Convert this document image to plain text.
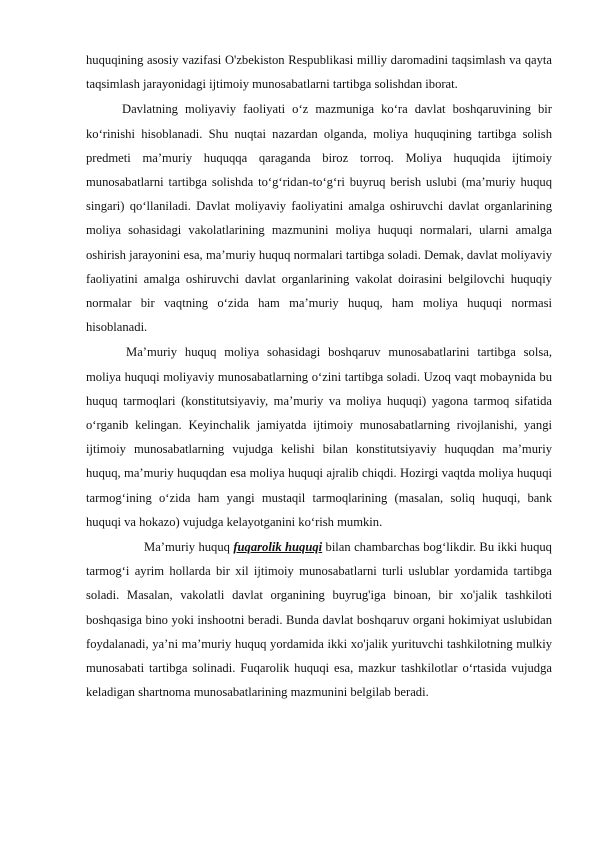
huquqining asosiy vazifasi O'zbekiston Respublikasi milliy daromadini taqsimlash va qayta taqsimlash jarayonidagi ijtimoiy munosabatlarni tartibga solishdan iborat.

Davlatning moliyaviy faoliyati o‘z mazmuniga ko‘ra davlat boshqaruvining bir ko‘rinishi hisoblanadi. Shu nuqtai nazardan olganda, moliya huquqining tartibga solish predmeti ma’muriy huquqqa qaraganda biroz torroq. Moliya huquqida ijtimoiy munosabatlarni tartibga solishda to‘g‘ridan-to‘g‘ri buyruq berish uslubi (ma’muriy huquq singari) qo‘llaniladi. Davlat moliyaviy faoliyatini amalga oshiruvchi davlat organlarining moliya sohasidagi vakolatlarining mazmunini moliya huquqi normalari, ularni amalga oshirish jarayonini esa, ma’muriy huquq normalari tartibga soladi. Demak, davlat moliyaviy faoliyatini amalga oshiruvchi davlat organlarining vakolat doirasini belgilovchi huquqiy normalar bir vaqtning o‘zida ham ma’muriy huquq, ham moliya huquqi normasi hisoblanadi.

Ma’muriy huquq moliya sohasidagi boshqaruv munosabatlarini tartibga solsa, moliya huquqi moliyaviy munosabatlarning o‘zini tartibga soladi. Uzoq vaqt mobaynida bu huquq tarmoqlari (konstitutsiyaviy, ma’muriy va moliya huquqi) yagona tarmoq sifatida o‘rganib kelingan. Keyinchalik jamiyatda ijtimoiy munosabatlarning rivojlanishi, yangi ijtimoiy munosabatlarning vujudga kelishi bilan konstitutsiyaviy huquqdan ma’muriy huquq, ma’muriy huquqdan esa moliya huquqi ajralib chiqdi. Hozirgi vaqtda moliya huquqi tarmog‘ining o‘zida ham yangi mustaqil tarmoqlarining (masalan, soliq huquqi, bank huquqi va hokazo) vujudga kelayotganini ko‘rish mumkin.

Ma’muriy huquq fuqarolik huquqi bilan chambarchas bog‘likdir. Bu ikki huquq tarmog‘i ayrim hollarda bir xil ijtimoiy munosabatlarni turli uslublar yordamida tartibga soladi. Masalan, vakolatli davlat organining buyrug'iga binoan, bir xo'jalik tashkiloti boshqasiga bino yoki inshootni beradi. Bunda davlat boshqaruv organi hokimiyat uslubidan foydalanadi, ya’ni ma’muriy huquq yordamida ikki xo'jalik yurituvchi tashkilotning mulkiy munosabati tartibga solinadi. Fuqarolik huquqi esa, mazkur tashkilotlar o‘rtasida vujudga keladigan shartnoma munosabatlarining mazmunini belgilab beradi.
